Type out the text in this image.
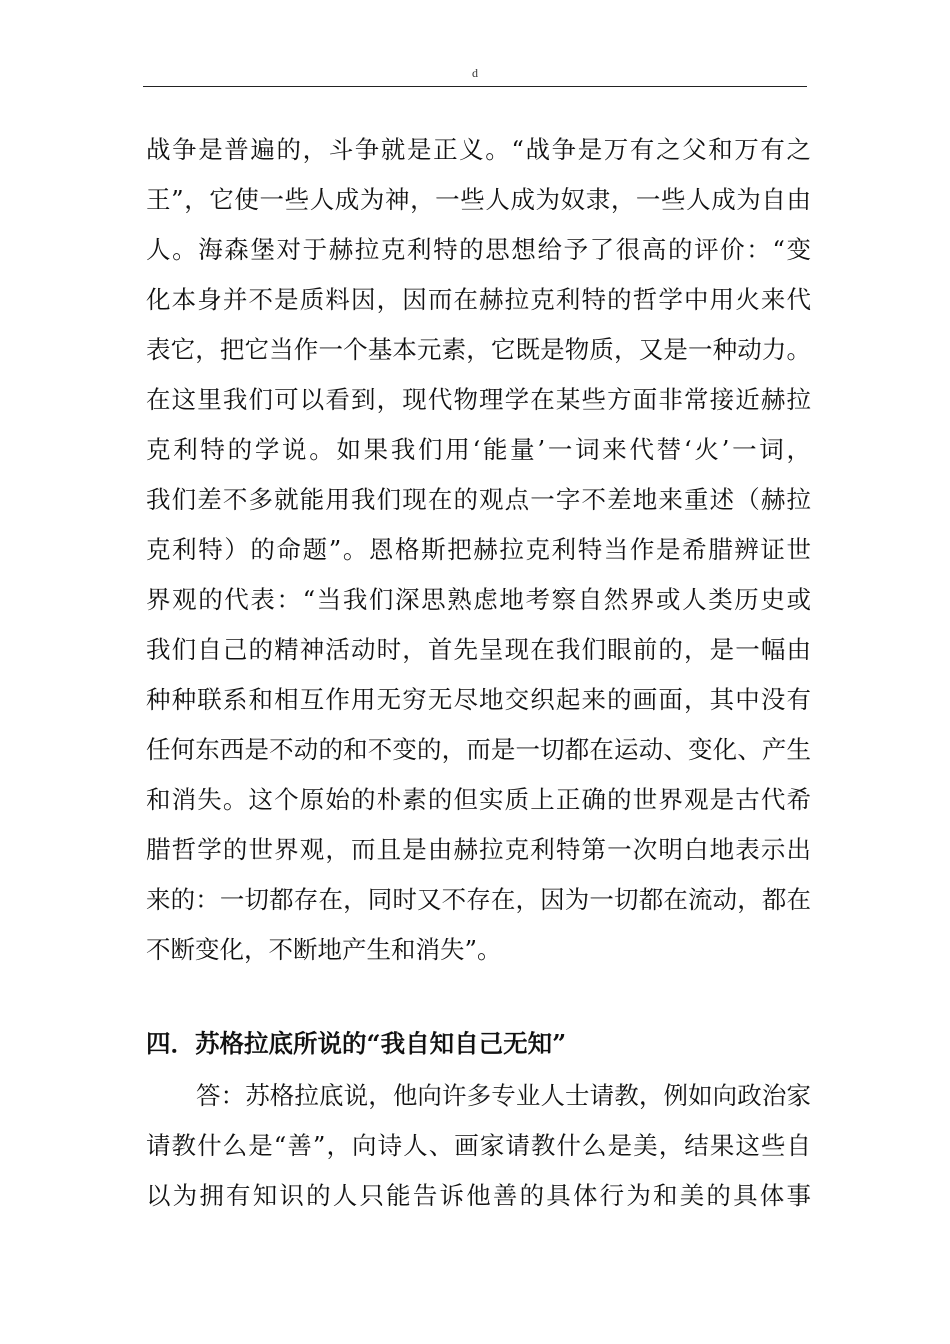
d
战争是普遍的，斗争就是正义。“战争是万有之父和万有之
王”，它使一些人成为神，一些人成为奴隶，一些人成为自由
人。海森堡对于赫拉克利特的思想给予了很高的评价：“变
化本身并不是质料因，因而在赫拉克利特的哲学中用火来代
表它，把它当作一个基本元素，它既是物质，又是一种动力。
在这里我们可以看到，现代物理学在某些方面非常接近赫拉
克利特的学说。如果我们用‘能量’一词来代替‘火’一词，
我们差不多就能用我们现在的观点一字不差地来重述（赫拉
克利特）的命题”。恩格斯把赫拉克利特当作是希腊辨证世
界观的代表：“当我们深思熟虑地考察自然界或人类历史或
我们自己的精神活动时，首先呈现在我们眼前的，是一幅由
种种联系和相互作用无穷无尽地交织起来的画面，其中没有
任何东西是不动的和不变的，而是一切都在运动、变化、产生
和消失。这个原始的朴素的但实质上正确的世界观是古代希
腊哲学的世界观，而且是由赫拉克利特第一次明白地表示出
来的：一切都存在，同时又不存在，因为一切都在流动，都在
不断变化，不断地产生和消失”。
四．苏格拉底所说的“我自知自己无知”
答：苏格拉底说，他向许多专业人士请教，例如向政治家
请教什么是“善”，向诗人、画家请教什么是美，结果这些自
以为拥有知识的人只能告诉他善的具体行为和美的具体事
